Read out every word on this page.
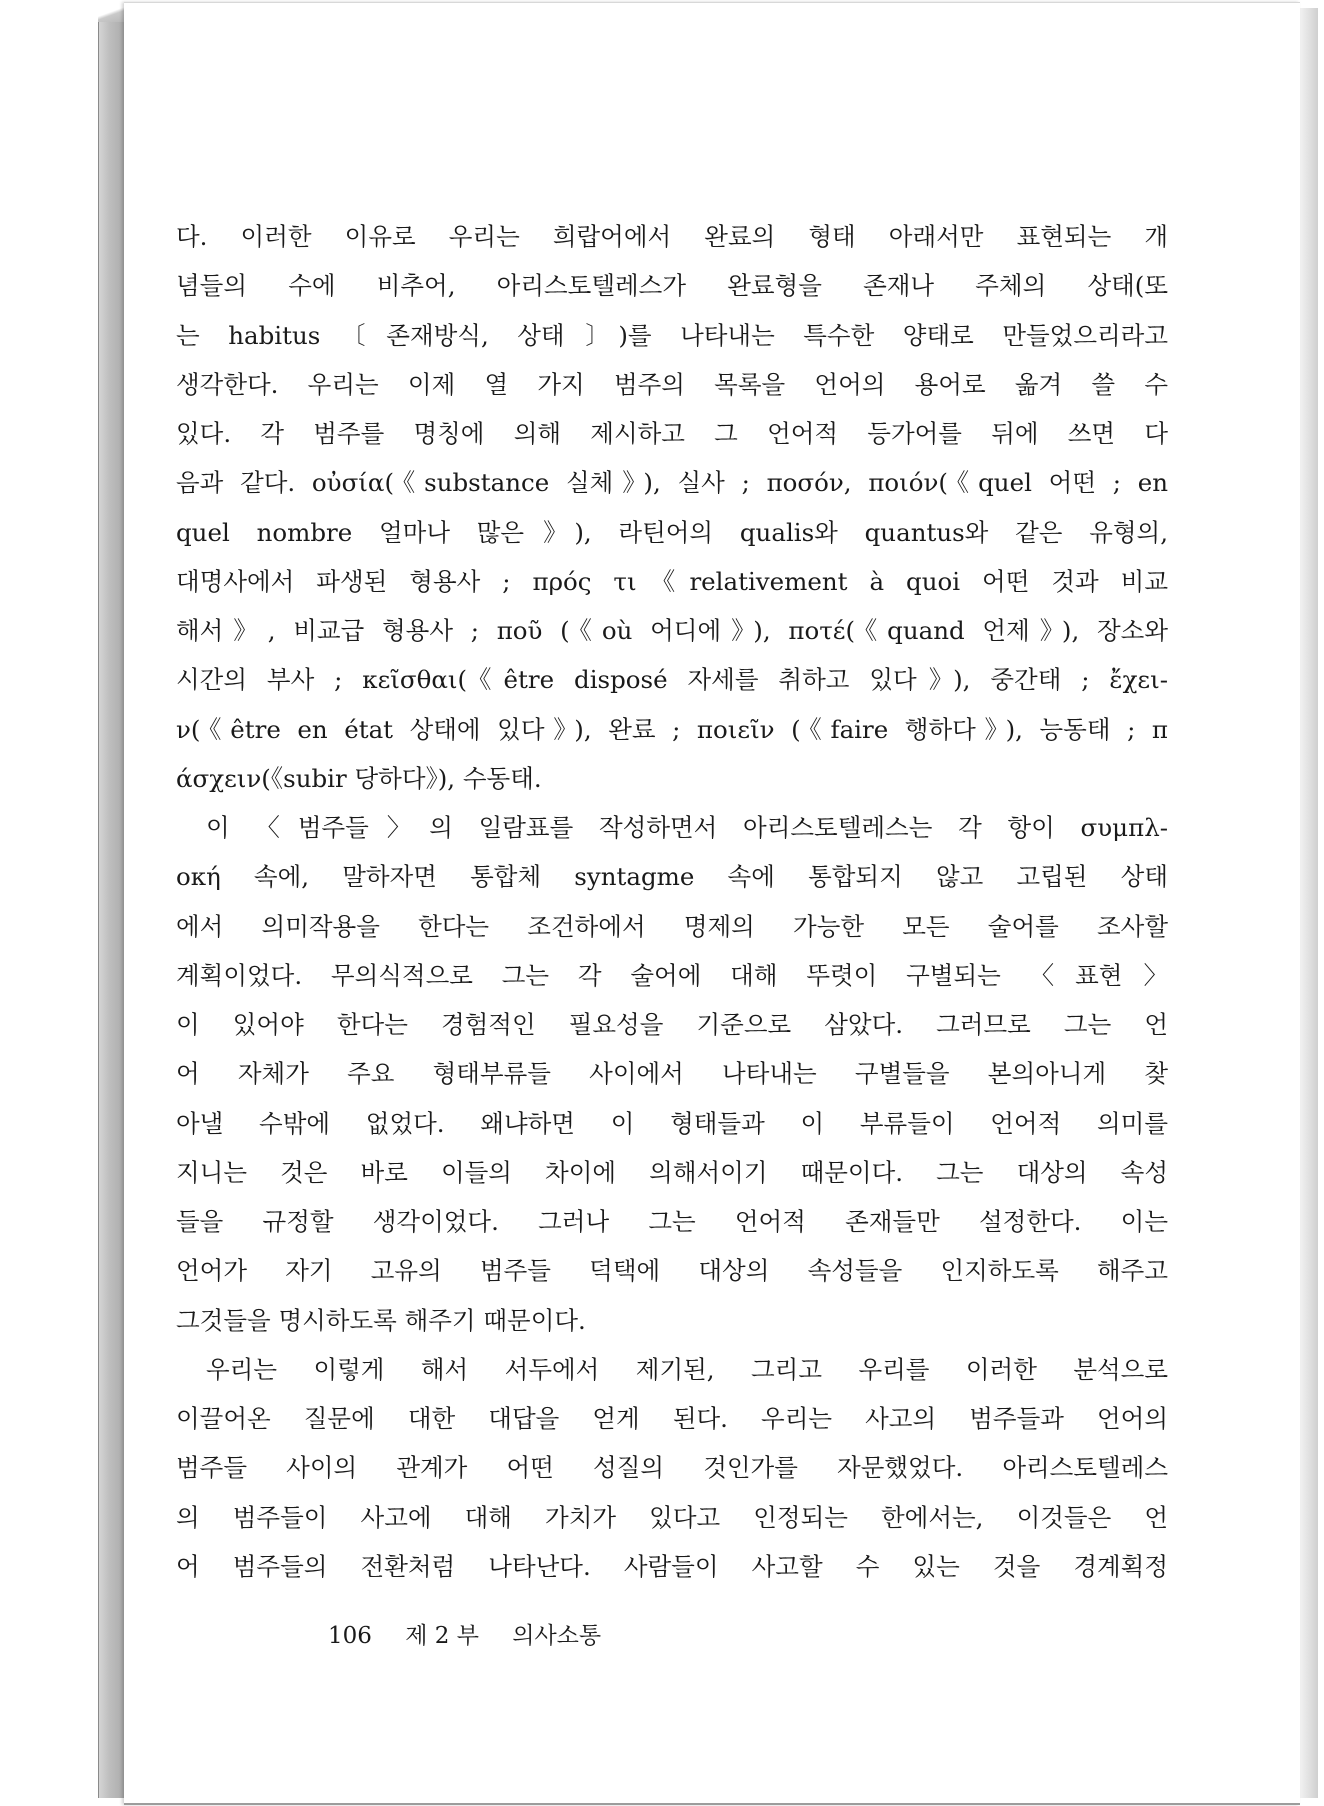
다. 이러한 이유로 우리는 희랍어에서 완료의 형태 아래서만 표현되는 개
념들의 수에 비추어, 아리스토텔레스가 완료형을 존재나 주체의 상태(또
는 habitus〔존재방식, 상태〕)를 나타내는 특수한 양태로 만들었으리라고
생각한다. 우리는 이제 열 가지 범주의 목록을 언어의 용어로 옮겨 쓸 수
있다. 각 범주를 명칭에 의해 제시하고 그 언어적 등가어를 뒤에 쓰면 다
음과 같다. οὐσία(《substance 실체》), 실사 ; ποσόν, ποιόν(《quel 어떤 ; en
quel nombre 얼마나 많은》), 라틴어의 qualis와 quantus와 같은 유형의,
대명사에서 파생된 형용사 ; πρός τι《relativement à quoi 어떤 것과 비교
해서》, 비교급 형용사 ; ποῦ (《où 어디에》), ποτέ(《quand 언제》), 장소와
시간의 부사 ; κεῖσθαι(《être disposé 자세를 취하고 있다》), 중간태 ; ἔχει-
ν(《être en état 상태에 있다》), 완료 ; ποιεῖν (《faire 행하다》), 능동태 ; π
άσχειν(《subir 당하다》), 수동태.
이 〈범주들〉의 일람표를 작성하면서 아리스토텔레스는 각 항이 συμπλ-
οκή 속에, 말하자면 통합체 syntagme 속에 통합되지 않고 고립된 상태
에서 의미작용을 한다는 조건하에서 명제의 가능한 모든 술어를 조사할
계획이었다. 무의식적으로 그는 각 술어에 대해 뚜렷이 구별되는 〈표현〉
이 있어야 한다는 경험적인 필요성을 기준으로 삼았다. 그러므로 그는 언
어 자체가 주요 형태부류들 사이에서 나타내는 구별들을 본의아니게 찾
아낼 수밖에 없었다. 왜냐하면 이 형태들과 이 부류들이 언어적 의미를
지니는 것은 바로 이들의 차이에 의해서이기 때문이다. 그는 대상의 속성
들을 규정할 생각이었다. 그러나 그는 언어적 존재들만 설정한다. 이는
언어가 자기 고유의 범주들 덕택에 대상의 속성들을 인지하도록 해주고
그것들을 명시하도록 해주기 때문이다.
우리는 이렇게 해서 서두에서 제기된, 그리고 우리를 이러한 분석으로
이끌어온 질문에 대한 대답을 얻게 된다. 우리는 사고의 범주들과 언어의
범주들 사이의 관계가 어떤 성질의 것인가를 자문했었다. 아리스토텔레스
의 범주들이 사고에 대해 가치가 있다고 인정되는 한에서는, 이것들은 언
어 범주들의 전환처럼 나타난다. 사람들이 사고할 수 있는 것을 경계획정
106 제 2 부 의사소통
